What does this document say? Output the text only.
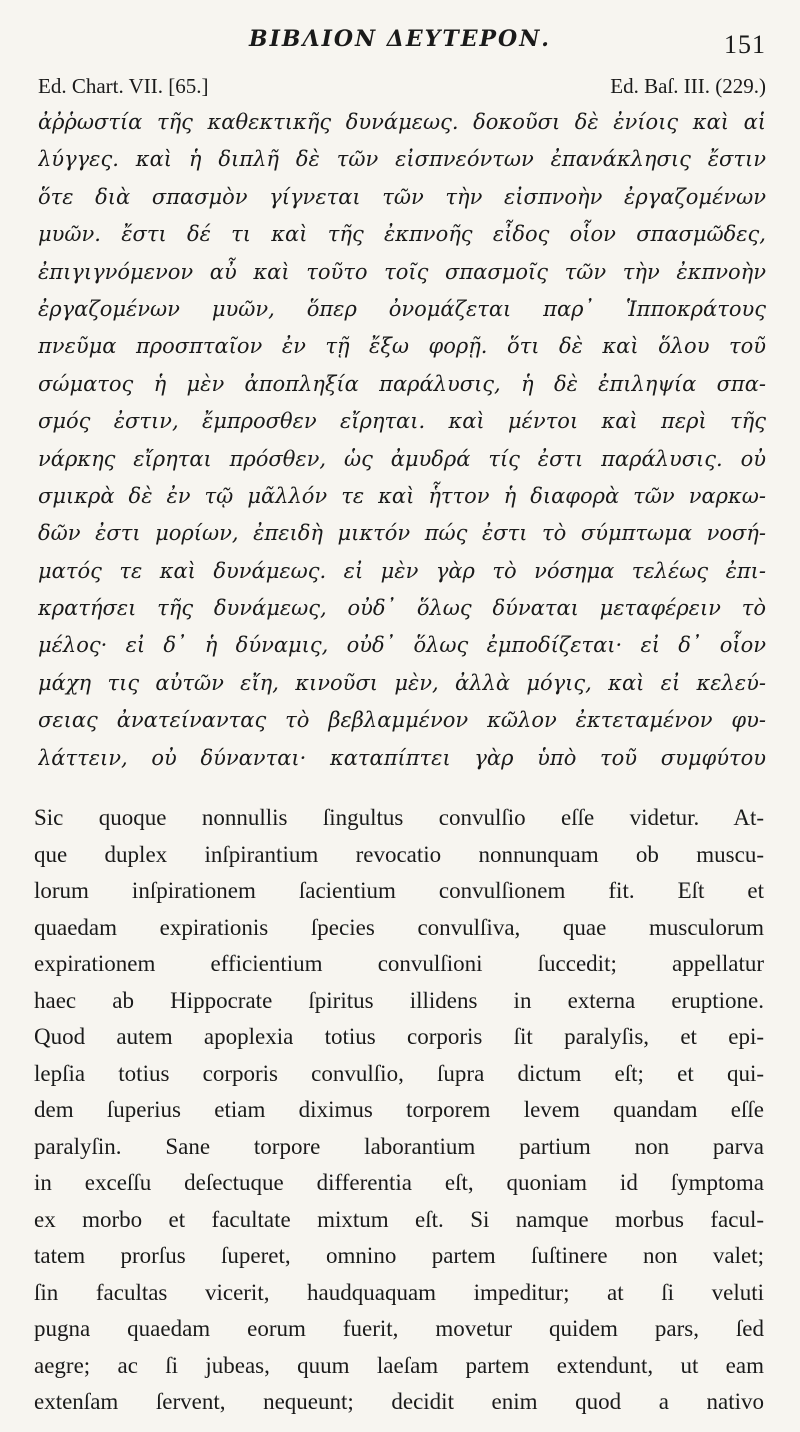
ΒΙΒΛΙΟΝ ΔΕΥΤΕΡΟΝ.	151
Ed. Chart. VII. [65.]	Ed. Baſ. III. (229.)
ἀῤῥωστία τῆς καθεκτικῆς δυνάμεως. δοκοῦσι δὲ ἐνίοις καὶ αἱ
λύγγες. καὶ ἡ διπλῆ δὲ τῶν εἰσπνεόντων ἐπανάκλησις ἔστιν
ὅτε διὰ σπασμὸν γίγνεται τῶν τὴν εἰσπνοὴν ἐργαζομένων
μυῶν. ἔστι δέ τι καὶ τῆς ἐκπνοῆς εἶδος οἷον σπασμῶδες,
ἐπιγιγνόμενον αὖ καὶ τοῦτο τοῖς σπασμοῖς τῶν τὴν ἐκπνοὴν
ἐργαζομένων μυῶν, ὅπερ ὀνομάζεται παρ᾽ Ἱπποκράτους
πνεῦμα προσπταῖον ἐν τῇ ἔξω φορῇ. ὅτι δὲ καὶ ὅλου τοῦ
σώματος ἡ μὲν ἀποπληξία παράλυσις, ἡ δὲ ἐπιληψία σπα-
σμός ἐστιν, ἔμπροσθεν εἴρηται. καὶ μέντοι καὶ περὶ τῆς
νάρκης εἴρηται πρόσθεν, ὡς ἀμυδρά τίς ἐστι παράλυσις. οὐ
σμικρὰ δὲ ἐν τῷ μᾶλλόν τε καὶ ἧττον ἡ διαφορὰ τῶν ναρκω-
δῶν ἐστι μορίων, ἐπειδὴ μικτόν πώς ἐστι τὸ σύμπτωμα νοσή-
ματός τε καὶ δυνάμεως. εἰ μὲν γὰρ τὸ νόσημα τελέως ἐπι-
κρατήσει τῆς δυνάμεως, οὐδ᾽ ὅλως δύναται μεταφέρειν τὸ
μέλος· εἰ δ᾽ ἡ δύναμις, οὐδ᾽ ὅλως ἐμποδίζεται· εἰ δ᾽ οἷον
μάχη τις αὐτῶν εἴη, κινοῦσι μὲν, ἀλλὰ μόγις, καὶ εἰ κελεύ-
σειας ἀνατείναντας τὸ βεβλαμμένον κῶλον ἐκτεταμένον φυ-
λάττειν, οὐ δύνανται· καταπίπτει γὰρ ὑπὸ τοῦ συμφύτου
Sic quoque nonnullis ſingultus convulſio eſſe videtur. At-
que duplex inſpirantium revocatio nonnunquam ob muscu-
lorum inſpirationem ſacientium convulſionem fit. Eſt et
quaedam expirationis ſpecies convulſiva, quae musculorum
expirationem efficientium convulſioni ſuccedit; appellatur
haec ab Hippocrate ſpiritus illidens in externa eruptione.
Quod autem apoplexia totius corporis ſit paralyſis, et epi-
lepſia totius corporis convulſio, ſupra dictum eſt; et qui-
dem ſuperius etiam diximus torporem levem quandam eſſe
paralyſin. Sane torpore laborantium partium non parva
in exceſſu deſectuque differentia eſt, quoniam id ſymptoma
ex morbo et facultate mixtum eſt. Si namque morbus facul-
tatem prorſus ſuperet, omnino partem ſuſtinere non valet;
ſin facultas vicerit, haudquaquam impeditur; at ſi veluti
pugna quaedam eorum fuerit, movetur quidem pars, ſed
aegre; ac ſi jubeas, quum laeſam partem extendunt, ut eam
extenſam ſervent, nequeunt; decidit enim quod a nativo
